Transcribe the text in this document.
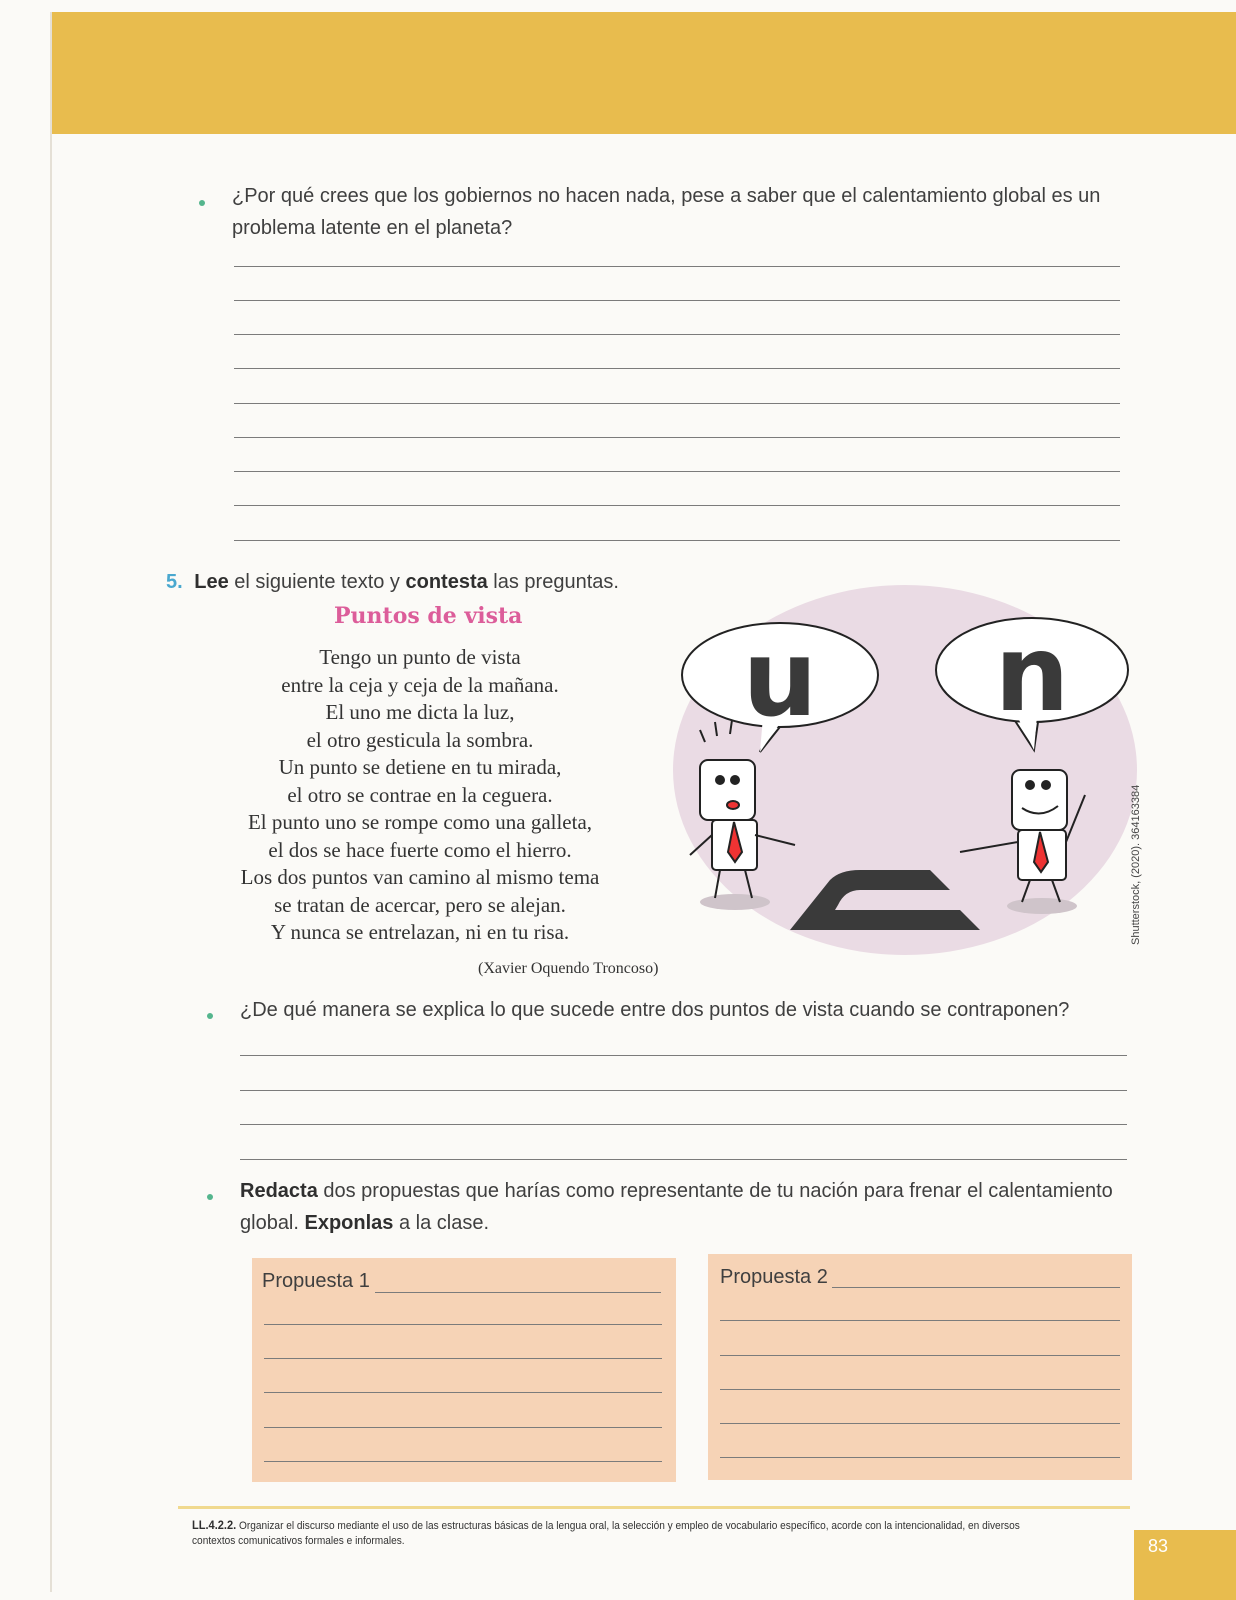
¿Por qué crees que los gobiernos no hacen nada, pese a saber que el calentamiento global es un
problema latente en el planeta?
5. Lee el siguiente texto y contesta las preguntas.
Puntos de vista
Tengo un punto de vista
entre la ceja y ceja de la mañana.
El uno me dicta la luz,
el otro gesticula la sombra.
Un punto se detiene en tu mirada,
el otro se contrae en la ceguera.
El punto uno se rompe como una galleta,
el dos se hace fuerte como el hierro.
Los dos puntos van camino al mismo tema
se tratan de acercar, pero se alejan.
Y nunca se entrelazan, ni en tu risa.
(Xavier Oquendo Troncoso)
u n
Shutterstock, (2020). 364163384
¿De qué manera se explica lo que sucede entre dos puntos de vista cuando se contraponen?
Redacta dos propuestas que harías como representante de tu nación para frenar el calentamiento
global. Exponlas a la clase.
Propuesta 1	Propuesta 2
LL.4.2.2. Organizar el discurso mediante el uso de las estructuras básicas de la lengua oral, la selección y empleo de vocabulario específico, acorde con la intencionalidad, en diversos contextos comunicativos formales e informales.	83
